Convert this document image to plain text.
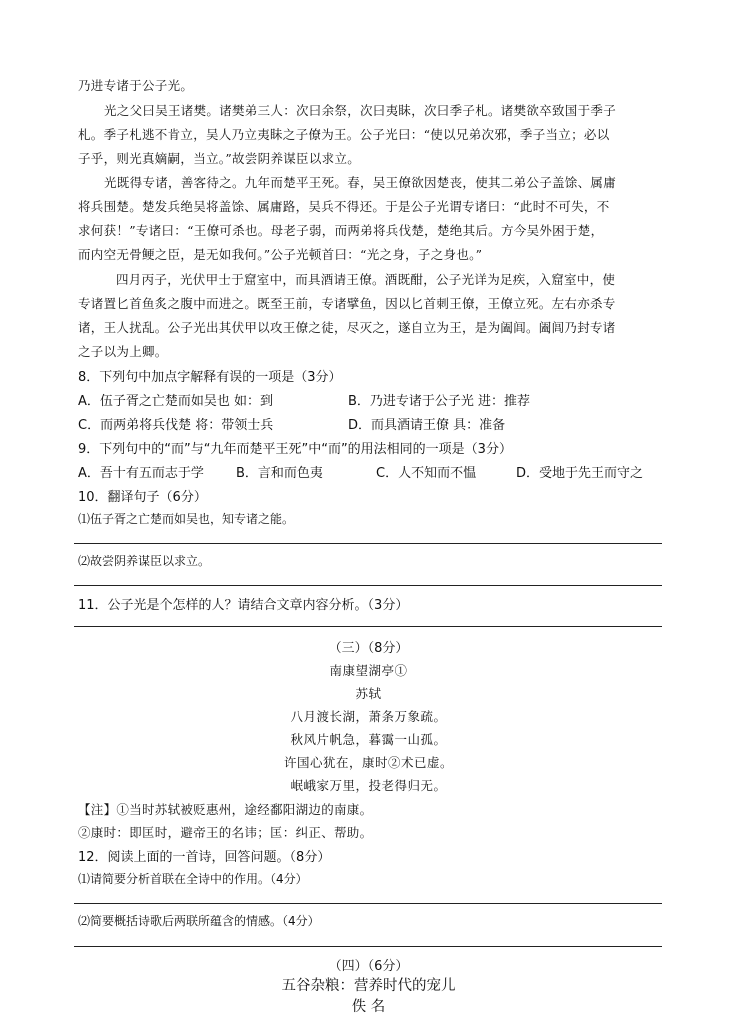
乃进专诸于公子光。
光之父曰吴王诸樊。诸樊弟三人：次曰余祭，次曰夷眛，次曰季子札。诸樊欲卒致国于季子
札。季子札逃不肯立，吴人乃立夷眛之子僚为王。公子光曰：“使以兄弟次邪，季子当立；必以
子乎，则光真嫡嗣，当立。”故尝阴养谋臣以求立。
光既得专诸，善客待之。九年而楚平王死。春，吴王僚欲因楚丧，使其二弟公子盖馀、属庸
将兵围楚。楚发兵绝吴将盖馀、属庸路，吴兵不得还。于是公子光谓专诸曰：“此时不可失，不
求何获！”专诸曰：“王僚可杀也。母老子弱，而两弟将兵伐楚，楚绝其后。方今吴外困于楚，
而内空无骨鲠之臣，是无如我何。”公子光顿首曰：“光之身，子之身也。”
四月丙子，光伏甲士于窟室中，而具酒请王僚。酒既酣，公子光详为足疾，入窟室中，使
专诸置匕首鱼炙之腹中而进之。既至王前，专诸擘鱼，因以匕首刺王僚，王僚立死。左右亦杀专
诸，王人扰乱。公子光出其伏甲以攻王僚之徒，尽灭之，遂自立为王，是为阖闾。阖闾乃封专诸
之子以为上卿。
8．下列句中加点字解释有误的一项是（3分）
A．伍子胥之亡楚而如吴也 如：到	B．乃进专诸于公子光 进：推荐
C．而两弟将兵伐楚 将：带领士兵	D．而具酒请王僚 具：准备
9．下列句中的“而”与“九年而楚平王死”中“而”的用法相同的一项是（3分）
A．吾十有五而志于学 B．言和而色夷	C．人不知而不愠	D．受地于先王而守之
10．翻译句子（6分）
⑴伍子胥之亡楚而如吴也，知专诸之能。
⑵故尝阴养谋臣以求立。
11．公子光是个怎样的人？请结合文章内容分析。（3分）
（三）（8分）
南康望湖亭①
苏轼
八月渡长湖，萧条万象疏。
秋风片帆急，暮霭一山孤。
许国心犹在，康时②术已虚。
岷峨家万里，投老得归无。
【注】①当时苏轼被贬惠州，途经鄱阳湖边的南康。
②康时：即匡时，避帝王的名讳；匡：纠正、帮助。
12．阅读上面的一首诗，回答问题。（8分）
⑴请简要分析首联在全诗中的作用。（4分）
⑵简要概括诗歌后两联所蕴含的情感。（4分）
（四）（6分）
五谷杂粮：营养时代的宠儿
佚 名
